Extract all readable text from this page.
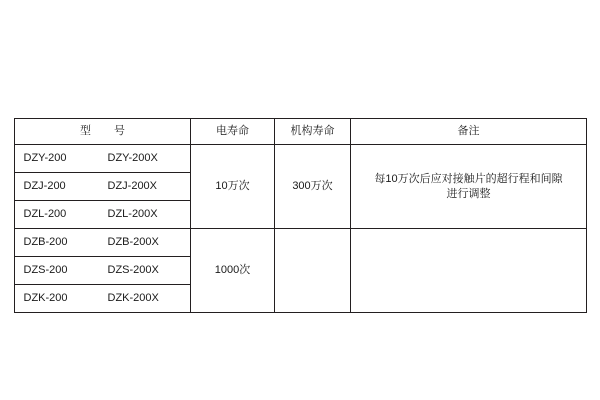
型　号	电寿命	机构寿命	备注

DZY-200 DZY-200X	10万次	300万次	每10万次后应对接触片的超行程和间隙
进行调整

DZJ-200 DZJ-200X			

DZL-200 DZL-200X			

DZB-200 DZB-200X	1000次		

DZS-200 DZS-200X			

DZK-200 DZK-200X			
